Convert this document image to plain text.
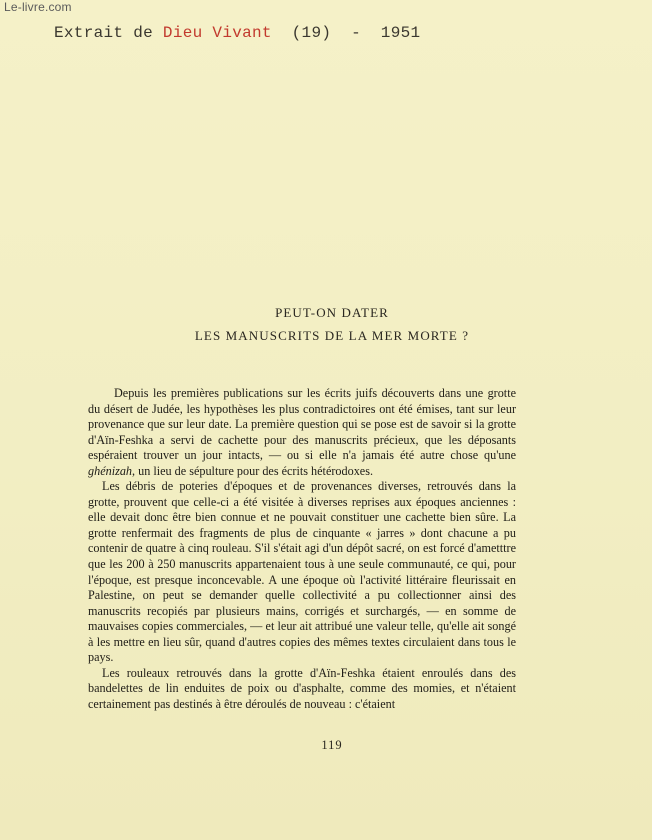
Le-livre.com
Extrait de Dieu Vivant (19) - 1951
PEUT-ON DATER
LES MANUSCRITS DE LA MER MORTE ?

Depuis les premières publications sur les écrits juifs découverts dans une grotte du désert de Judée, les hypothèses les plus contradictoires ont été émises, tant sur leur provenance que sur leur date. La première question qui se pose est de savoir si la grotte d'Aïn-Feshka a servi de cachette pour des manuscrits précieux, que les déposants espéraient trouver un jour intacts, — ou si elle n'a jamais été autre chose qu'une ghénizah, un lieu de sépulture pour des écrits hétérodoxes.

Les débris de poteries d'époques et de provenances diverses, retrouvés dans la grotte, prouvent que celle-ci a été visitée à diverses reprises aux époques anciennes : elle devait donc être bien connue et ne pouvait constituer une cachette bien sûre. La grotte renfermait des fragments de plus de cinquante « jarres » dont chacune a pu contenir de quatre à cinq rouleau. S'il s'était agi d'un dépôt sacré, on est forcé d'ametttre que les 200 à 250 manuscrits appartenaient tous à une seule communauté, ce qui, pour l'époque, est presque inconcevable. A une époque où l'activité littéraire fleurissait en Palestine, on peut se demander quelle collectivité a pu collectionner ainsi des manuscrits recopiés par plusieurs mains, corrigés et surchargés, — en somme de mauvaises copies commerciales, — et leur ait attribué une valeur telle, qu'elle ait songé à les mettre en lieu sûr, quand d'autres copies des mêmes textes circulaient dans tous le pays.

Les rouleaux retrouvés dans la grotte d'Aïn-Feshka étaient enroulés dans des bandelettes de lin enduites de poix ou d'asphalte, comme des momies, et n'étaient certainement pas destinés à être déroulés de nouveau : c'étaient

119
